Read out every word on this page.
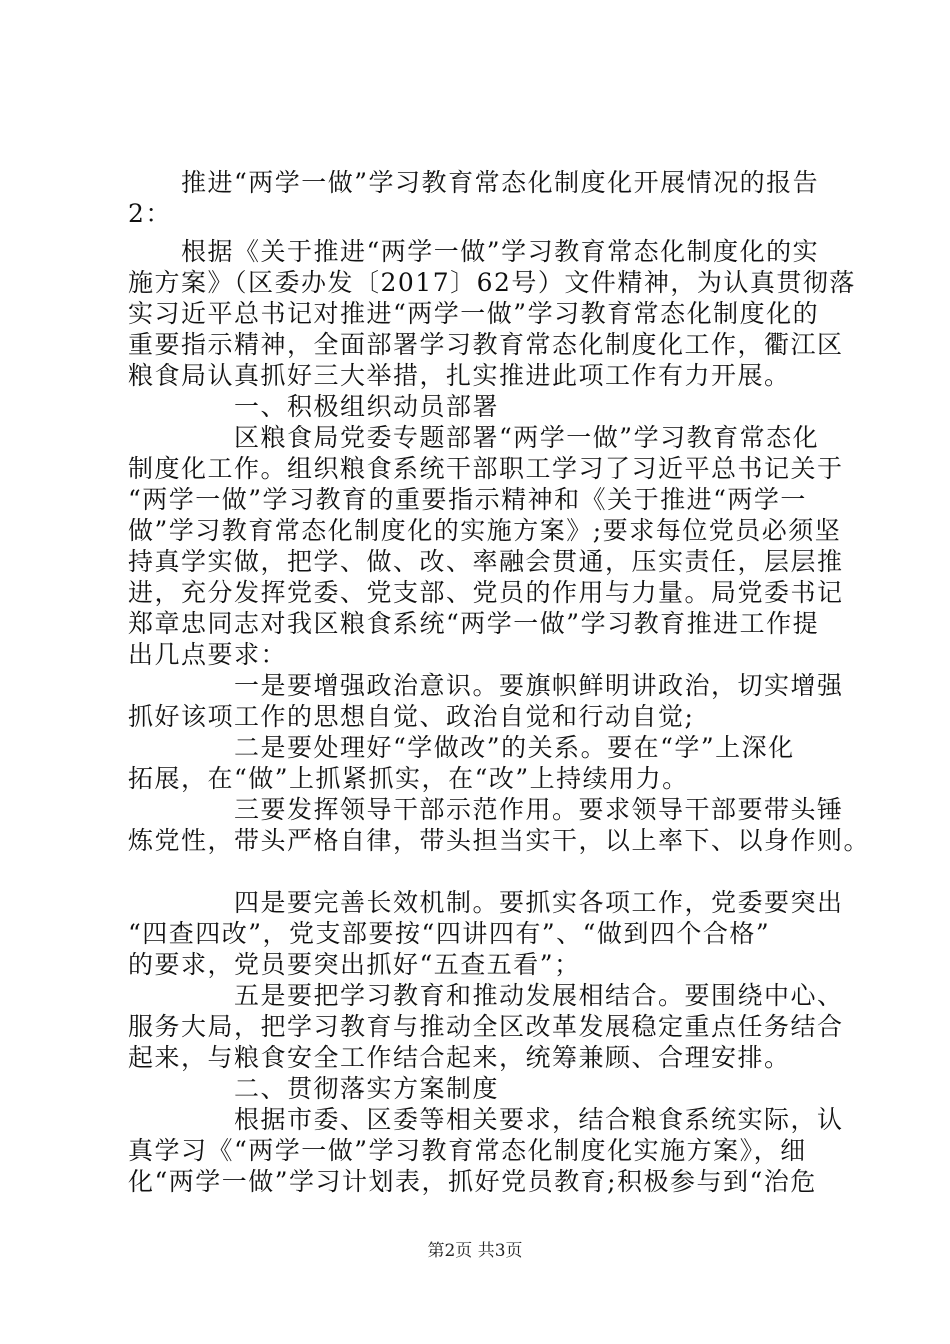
　　推进“两学一做”学习教育常态化制度化开展情况的报告
2：
　　根据《关于推进“两学一做”学习教育常态化制度化的实
施方案》（区委办发〔2017〕62号）文件精神，为认真贯彻落
实习近平总书记对推进“两学一做”学习教育常态化制度化的
重要指示精神，全面部署学习教育常态化制度化工作，衢江区
粮食局认真抓好三大举措，扎实推进此项工作有力开展。
　　　　一、积极组织动员部署
　　　　区粮食局党委专题部署“两学一做”学习教育常态化
制度化工作。组织粮食系统干部职工学习了习近平总书记关于
“两学一做”学习教育的重要指示精神和《关于推进“两学一
做”学习教育常态化制度化的实施方案》;要求每位党员必须坚
持真学实做，把学、做、改、率融会贯通，压实责任，层层推
进，充分发挥党委、党支部、党员的作用与力量。局党委书记
郑章忠同志对我区粮食系统“两学一做”学习教育推进工作提
出几点要求：
　　　　一是要增强政治意识。要旗帜鲜明讲政治，切实增强
抓好该项工作的思想自觉、政治自觉和行动自觉;
　　　　二是要处理好“学做改”的关系。要在“学”上深化
拓展，在“做”上抓紧抓实，在“改”上持续用力。
　　　　三要发挥领导干部示范作用。要求领导干部要带头锤
炼党性，带头严格自律，带头担当实干，以上率下、以身作则。
　　　　四是要完善长效机制。要抓实各项工作，党委要突出
“四查四改”，党支部要按“四讲四有”、“做到四个合格”
的要求，党员要突出抓好“五查五看”；
　　　　五是要把学习教育和推动发展相结合。要围绕中心、
服务大局，把学习教育与推动全区改革发展稳定重点任务结合
起来，与粮食安全工作结合起来，统筹兼顾、合理安排。
　　　　二、贯彻落实方案制度
　　　　根据市委、区委等相关要求，结合粮食系统实际，认
真学习《“两学一做”学习教育常态化制度化实施方案》，细
化“两学一做”学习计划表，抓好党员教育;积极参与到“治危
第2页 共3页
